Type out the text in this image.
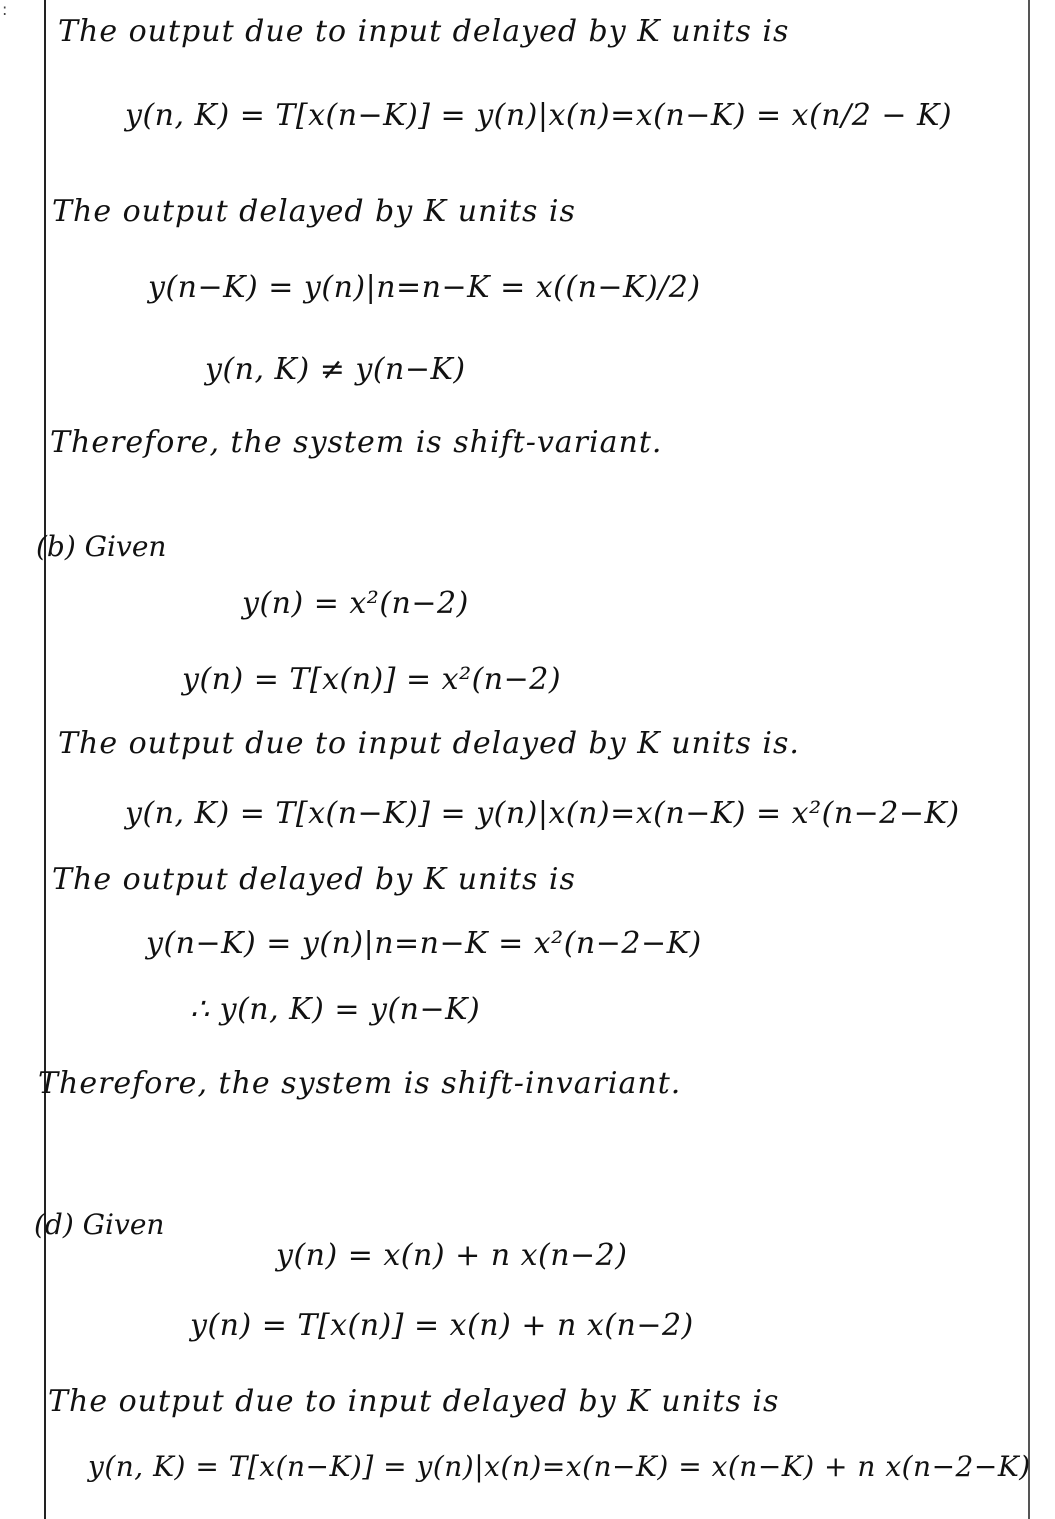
:
The output due to input delayed by K units is
y(n, K) = T[x(n−K)] = y(n)|x(n)=x(n−K) = x(n/2 − K)
The output delayed by K units is
y(n−K) = y(n)|n=n−K = x((n−K)/2)
y(n, K) ≠ y(n−K)
Therefore, the system is shift-variant.
(b) Given
y(n) = x²(n−2)
y(n) = T[x(n)] = x²(n−2)
The output due to input delayed by K units is.
y(n, K) = T[x(n−K)] = y(n)|x(n)=x(n−K) = x²(n−2−K)
The output delayed by K units is
y(n−K) = y(n)|n=n−K = x²(n−2−K)
∴ y(n, K) = y(n−K)
Therefore, the system is shift-invariant.
(d) Given
y(n) = x(n) + n x(n−2)
y(n) = T[x(n)] = x(n) + n x(n−2)
The output due to input delayed by K units is
y(n, K) = T[x(n−K)] = y(n)|x(n)=x(n−K) = x(n−K) + n x(n−2−K)
